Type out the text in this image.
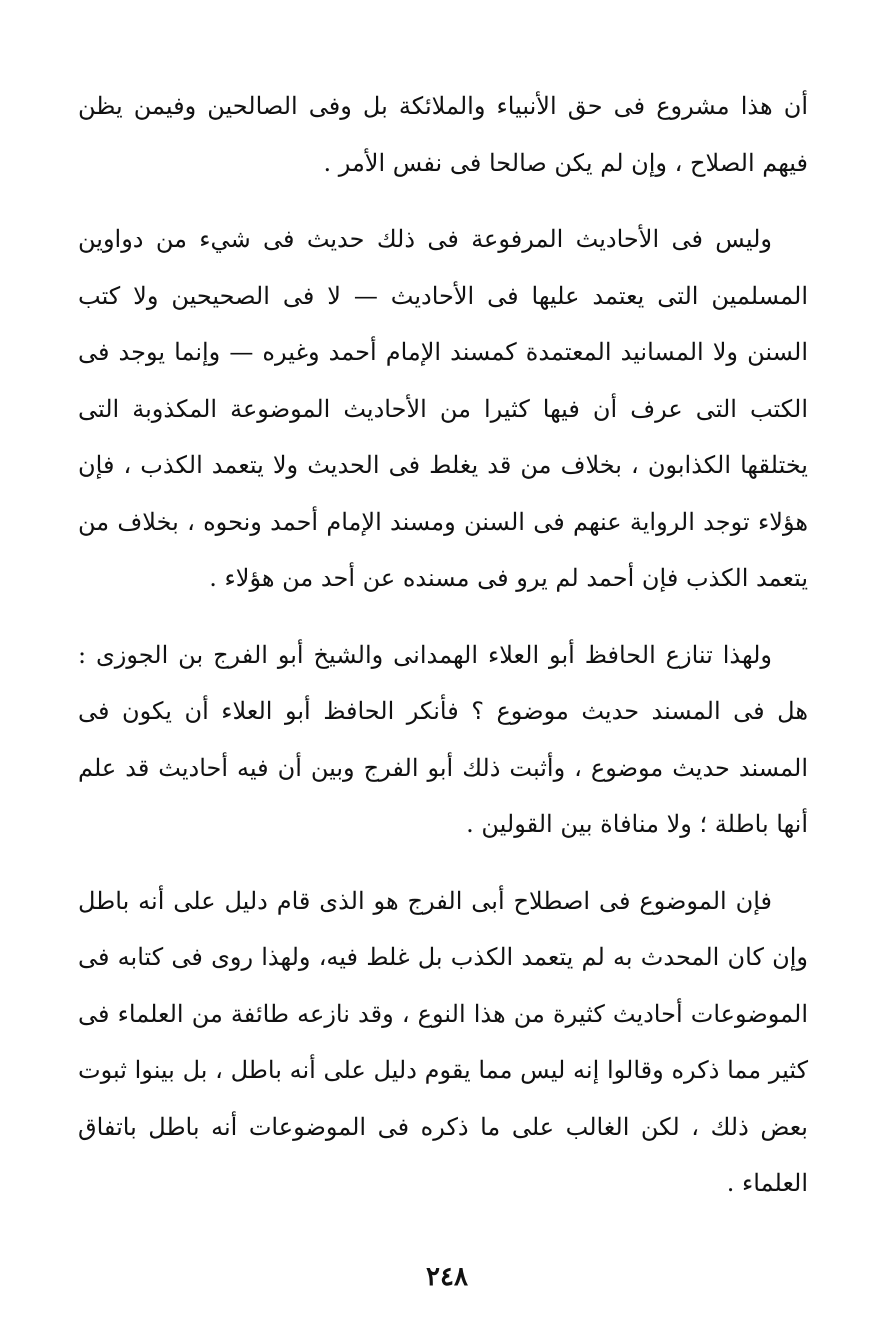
أن هذا مشروع فى حق الأنبياء والملائكة بل وفى الصالحين وفيمن يظن فيهم الصلاح ، وإن لم يكن صالحا فى نفس الأمر .

وليس فى الأحاديث المرفوعة فى ذلك حديث فى شيء من دواوين المسلمين التى يعتمد عليها فى الأحاديث — لا فى الصحيحين ولا كتب السنن ولا المسانيد المعتمدة كمسند الإمام أحمد وغيره — وإنما يوجد فى الكتب التى عرف أن فيها كثيرا من الأحاديث الموضوعة المكذوبة التى يختلقها الكذابون ، بخلاف من قد يغلط فى الحديث ولا يتعمد الكذب ، فإن هؤلاء توجد الرواية عنهم فى السنن ومسند الإمام أحمد ونحوه ، بخلاف من يتعمد الكذب فإن أحمد لم يرو فى مسنده عن أحد من هؤلاء .

ولهذا تنازع الحافظ أبو العلاء الهمدانى والشيخ أبو الفرج بن الجوزى : هل فى المسند حديث موضوع ؟ فأنكر الحافظ أبو العلاء أن يكون فى المسند حديث موضوع ، وأثبت ذلك أبو الفرج وبين أن فيه أحاديث قد علم أنها باطلة ؛ ولا منافاة بين القولين .

فإن الموضوع فى اصطلاح أبى الفرج هو الذى قام دليل على أنه باطل وإن كان المحدث به لم يتعمد الكذب بل غلط فيه، ولهذا روى فى كتابه فى الموضوعات أحاديث كثيرة من هذا النوع ، وقد نازعه طائفة من العلماء فى كثير مما ذكره وقالوا إنه ليس مما يقوم دليل على أنه باطل ، بل بينوا ثبوت بعض ذلك ، لكن الغالب على ما ذكره فى الموضوعات أنه باطل باتفاق العلماء .

٢٤٨
